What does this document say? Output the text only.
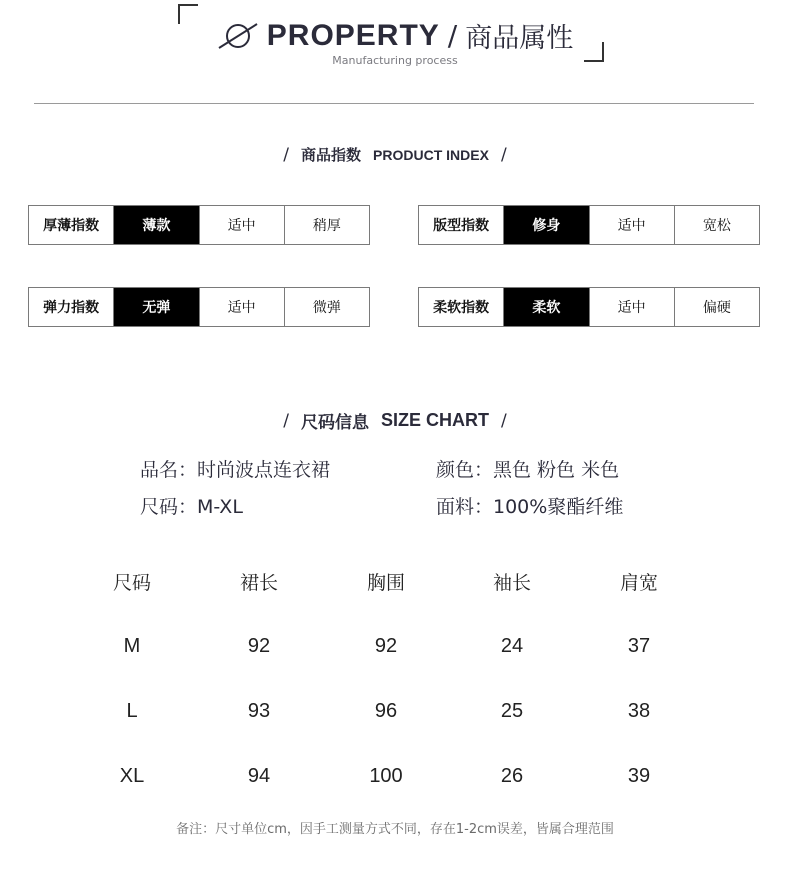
PROPERTY / 商品属性
Manufacturing process
/ 商品指数 PRODUCT INDEX /
厚薄指数	薄款	适中	稍厚	版型指数	修身	适中	宽松
弹力指数	无弹	适中	微弹	柔软指数	柔软	适中	偏硬
/ 尺码信息 SIZE CHART /
品名：时尚波点连衣裙
尺码：M-XL
颜色：黑色 粉色 米色
面料：100%聚酯纤维
尺码	裙长	胸围	袖长	肩宽
M	92	92	24	37
L	93	96	25	38
XL	94	100	26	39
备注：尺寸单位cm，因手工测量方式不同，存在1-2cm误差，皆属合理范围
